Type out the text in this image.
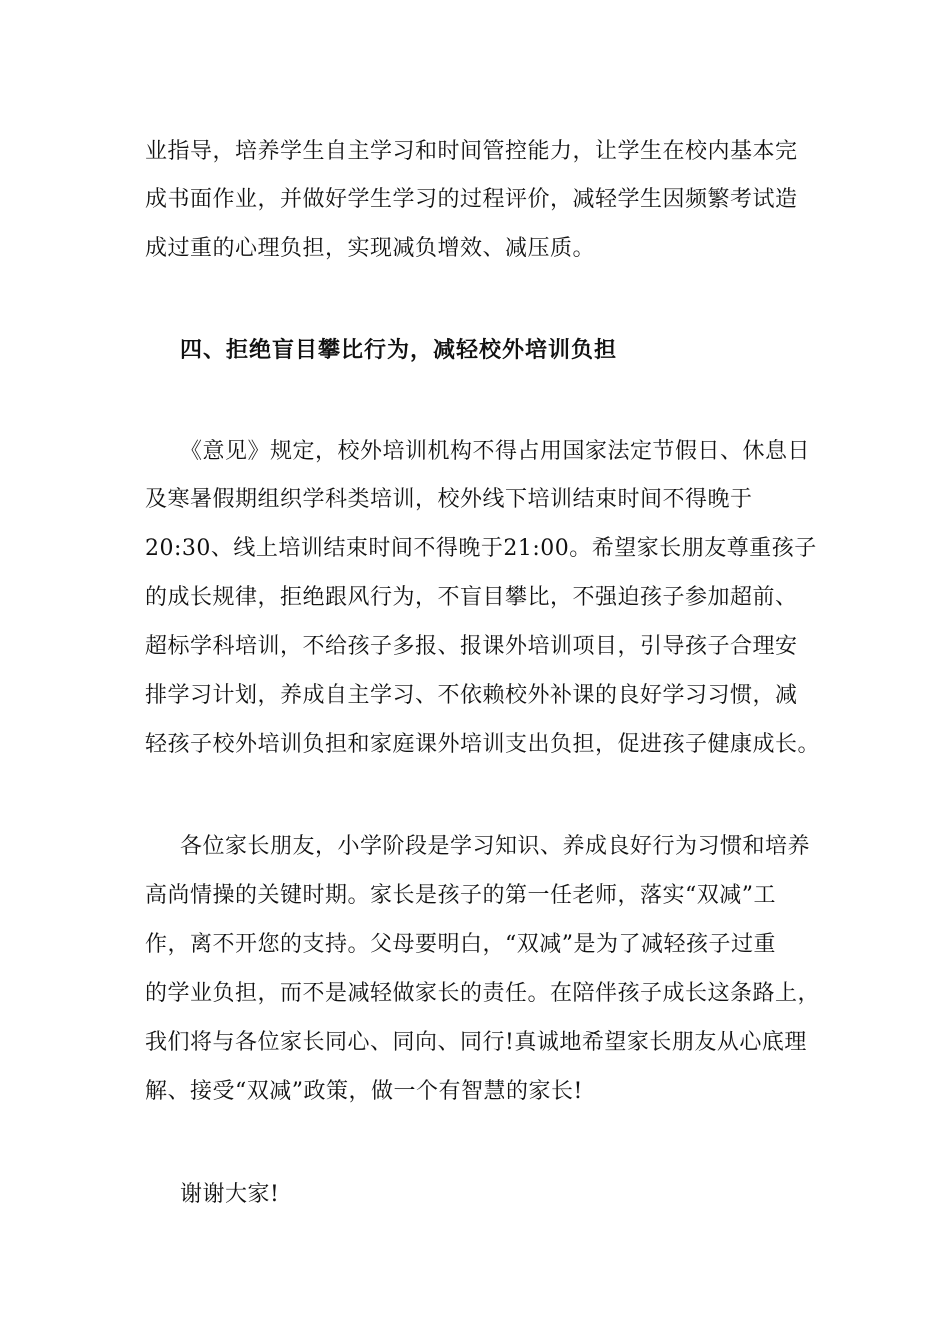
业指导，培养学生自主学习和时间管控能力，让学生在校内基本完
成书面作业，并做好学生学习的过程评价，减轻学生因频繁考试造
成过重的心理负担，实现减负增效、减压质。
四、拒绝盲目攀比行为，减轻校外培训负担
《意见》规定，校外培训机构不得占用国家法定节假日、休息日
及寒暑假期组织学科类培训，校外线下培训结束时间不得晚于
20:30、线上培训结束时间不得晚于21:00。希望家长朋友尊重孩子
的成长规律，拒绝跟风行为，不盲目攀比，不强迫孩子参加超前、
超标学科培训，不给孩子多报、报课外培训项目，引导孩子合理安
排学习计划，养成自主学习、不依赖校外补课的良好学习习惯，减
轻孩子校外培训负担和家庭课外培训支出负担，促进孩子健康成长。
各位家长朋友，小学阶段是学习知识、养成良好行为习惯和培养
高尚情操的关键时期。家长是孩子的第一任老师，落实“双减”工
作，离不开您的支持。父母要明白，“双减”是为了减轻孩子过重
的学业负担，而不是减轻做家长的责任。在陪伴孩子成长这条路上，
我们将与各位家长同心、同向、同行!真诚地希望家长朋友从心底理
解、接受“双减”政策，做一个有智慧的家长!
谢谢大家!
